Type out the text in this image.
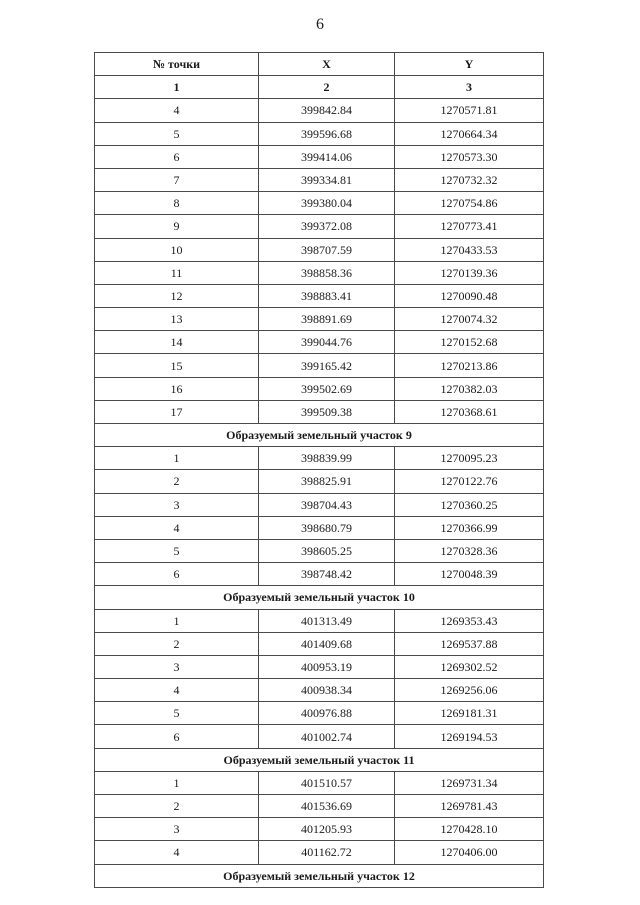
6
№ точки	X	Y
1	2	3
4	399842.84	1270571.81
5	399596.68	1270664.34
6	399414.06	1270573.30
7	399334.81	1270732.32
8	399380.04	1270754.86
9	399372.08	1270773.41
10	398707.59	1270433.53
11	398858.36	1270139.36
12	398883.41	1270090.48
13	398891.69	1270074.32
14	399044.76	1270152.68
15	399165.42	1270213.86
16	399502.69	1270382.03
17	399509.38	1270368.61
Образуемый земельный участок 9		
1	398839.99	1270095.23
2	398825.91	1270122.76
3	398704.43	1270360.25
4	398680.79	1270366.99
5	398605.25	1270328.36
6	398748.42	1270048.39
Образуемый земельный участок 10		
1	401313.49	1269353.43
2	401409.68	1269537.88
3	400953.19	1269302.52
4	400938.34	1269256.06
5	400976.88	1269181.31
6	401002.74	1269194.53
Образуемый земельный участок 11		
1	401510.57	1269731.34
2	401536.69	1269781.43
3	401205.93	1270428.10
4	401162.72	1270406.00
Образуемый земельный участок 12		
